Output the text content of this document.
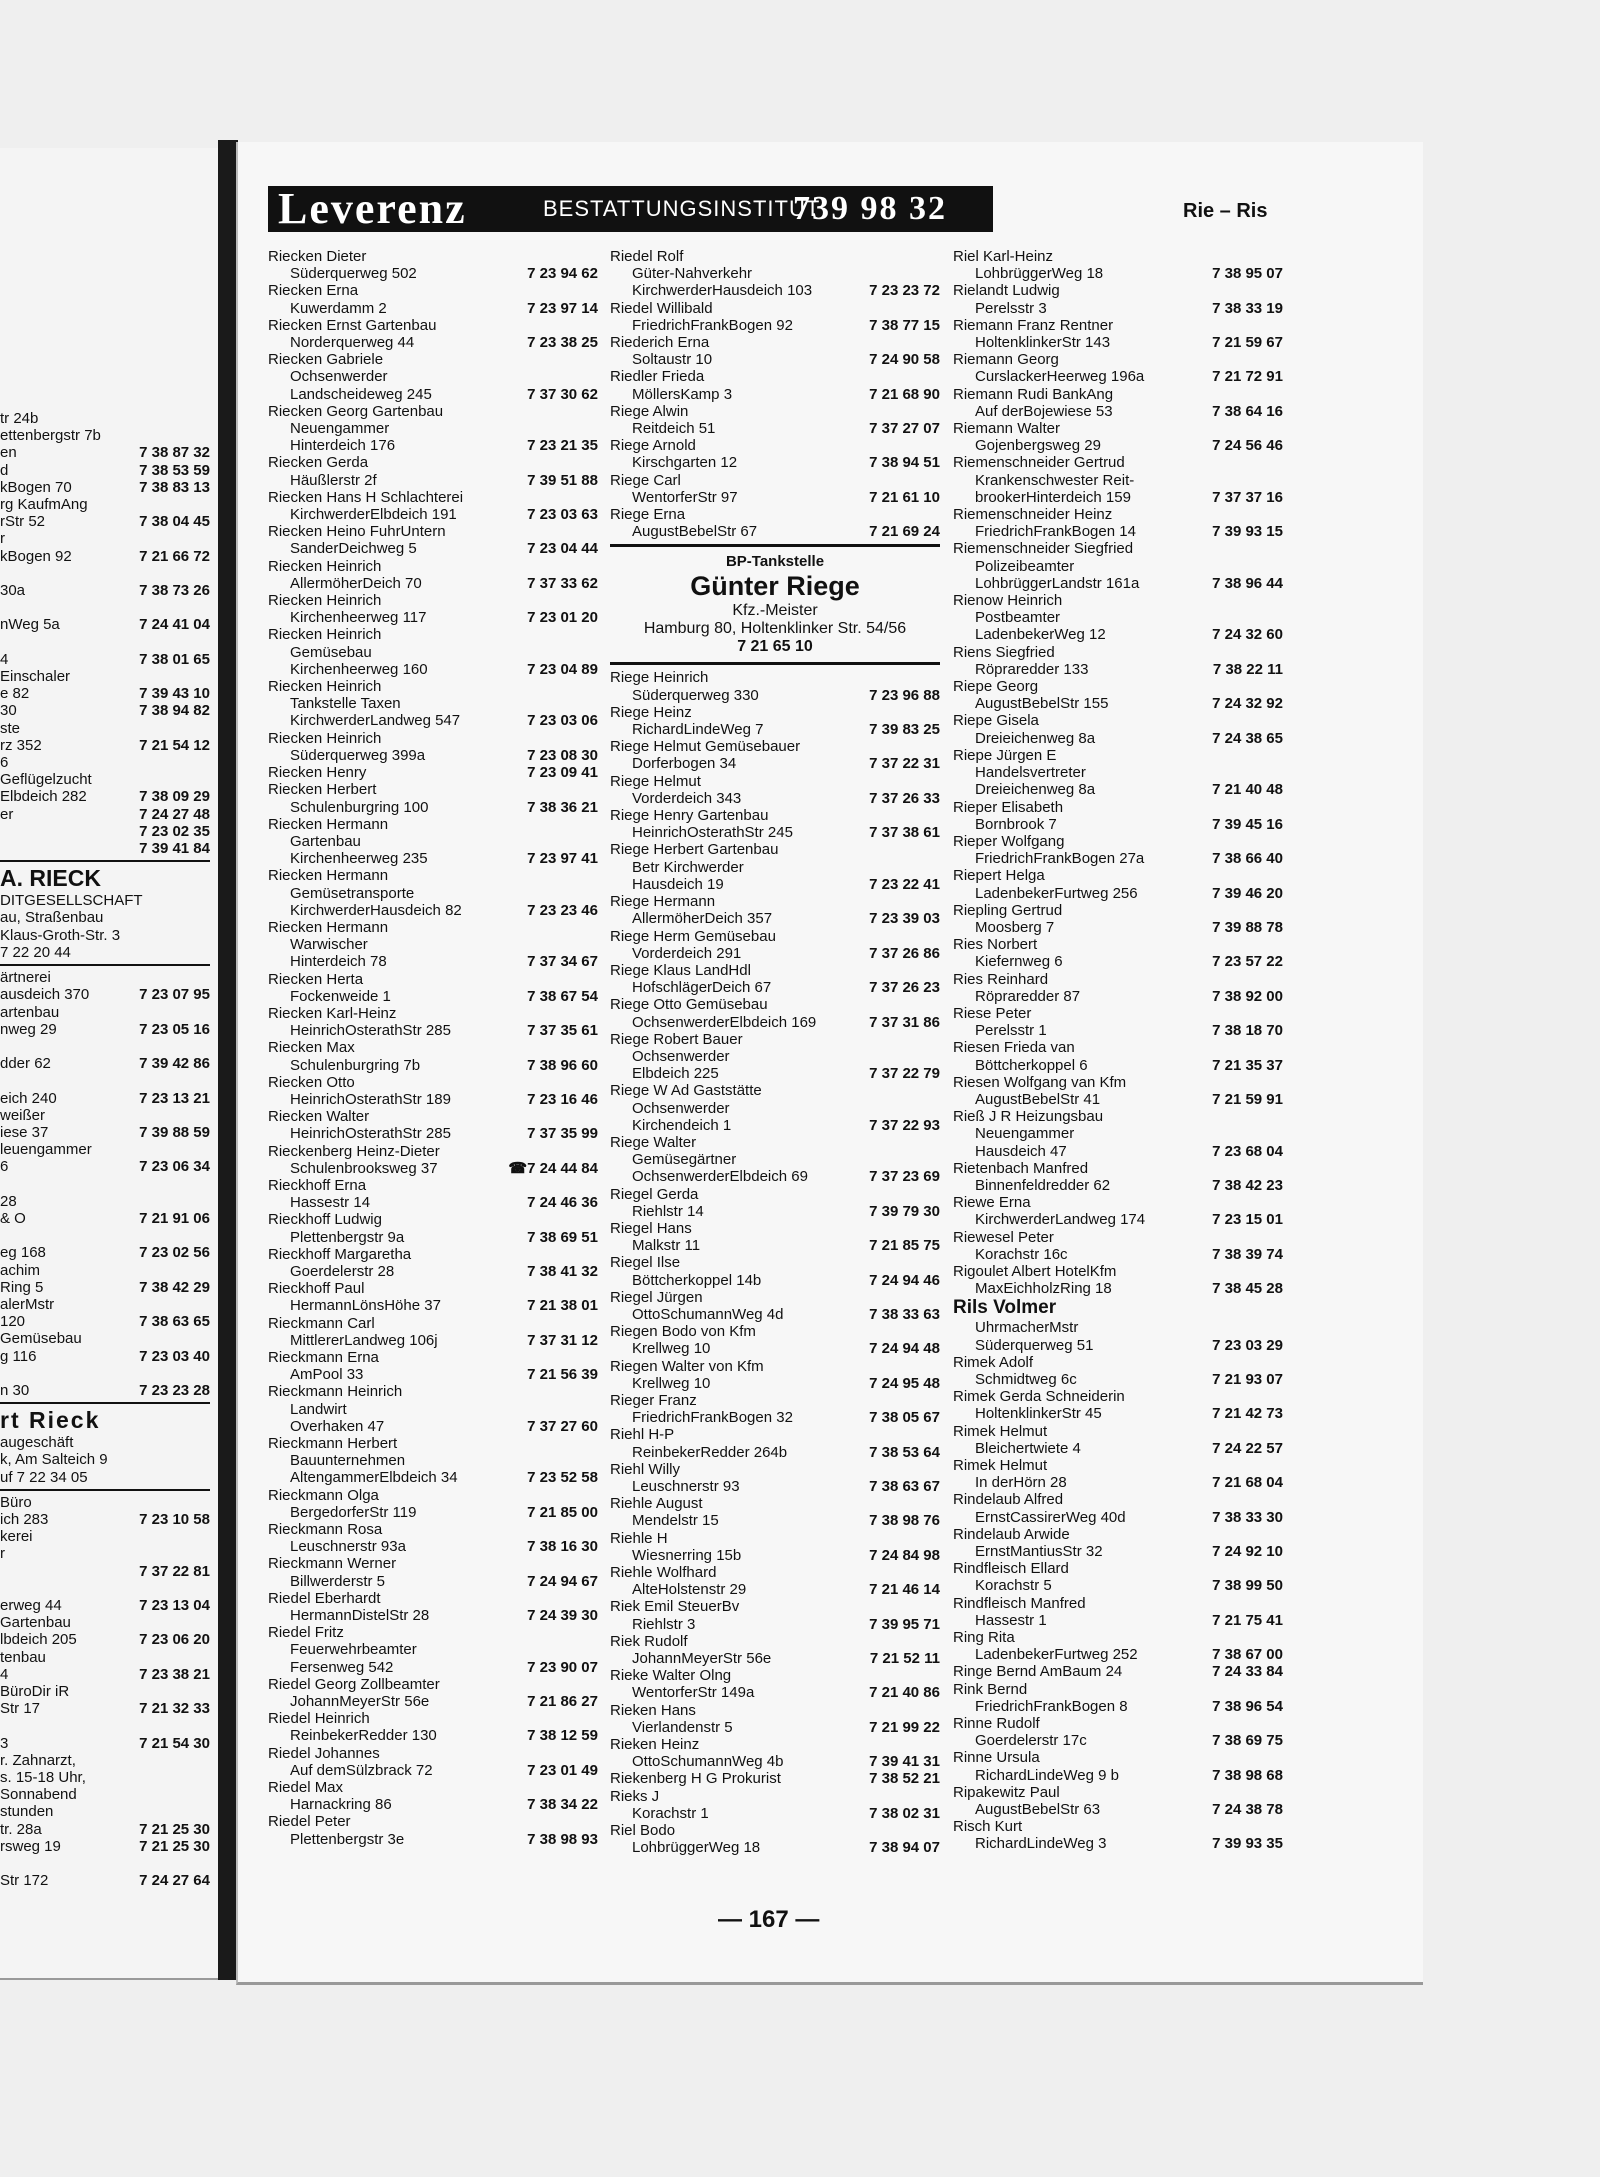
tr 24b
ettenbergstr 7b
en	7 38 87 32
d	7 38 53 59
kBogen 70	7 38 83 13
rg KaufmAng
rStr 52	7 38 04 45
r
kBogen 92	7 21 66 72

30a	7 38 73 26

nWeg 5a	7 24 41 04

4	7 38 01 65
Einschaler
e 82	7 39 43 10
30	7 38 94 82
ste
rz 352	7 21 54 12
6
Geflügelzucht
Elbdeich 282	7 38 09 29
er	7 24 27 48

7 23 02 35

7 39 41 84
A. RIECK
DITGESELLSCHAFT
au, Straßenbau
Klaus-Groth-Str. 3
7 22 20 44
ärtnerei
ausdeich 370	7 23 07 95
artenbau
nweg 29	7 23 05 16

dder 62	7 39 42 86

eich 240	7 23 13 21
weißer
iese 37	7 39 88 59
leuengammer
6	7 23 06 34

28
& O	7 21 91 06

eg 168	7 23 02 56
achim
Ring 5	7 38 42 29
alerMstr
120	7 38 63 65
Gemüsebau
g 116	7 23 03 40

n 30	7 23 23 28
rt Rieck
augeschäft
k, Am Salteich 9
uf 7 22 34 05
Büro
ich 283	7 23 10 58
kerei
r

7 37 22 81

erweg 44	7 23 13 04
Gartenbau
lbdeich 205	7 23 06 20
tenbau
4	7 23 38 21
BüroDir iR
Str 17	7 21 32 33

3	7 21 54 30
r. Zahnarzt,
s. 15-18 Uhr,
Sonnabend
stunden
tr. 28a	7 21 25 30
rsweg 19	7 21 25 30

Str 172	7 24 27 64
Leverenz	BESTATTUNGSINSTITUT
739 98 32	Rie – Ris
Riecken Dieter
Süderquerweg 502	7 23 94 62
Riecken Erna
Kuwerdamm 2	7 23 97 14
Riecken Ernst Gartenbau
Norderquerweg 44	7 23 38 25
Riecken Gabriele
Ochsenwerder
Landscheideweg 245	7 37 30 62
Riecken Georg Gartenbau
Neuengammer
Hinterdeich 176	7 23 21 35
Riecken Gerda
Häußlerstr 2f	7 39 51 88
Riecken Hans H Schlachterei
KirchwerderElbdeich 191	7 23 03 63
Riecken Heino FuhrUntern
SanderDeichweg 5	7 23 04 44
Riecken Heinrich
AllermöherDeich 70	7 37 33 62
Riecken Heinrich
Kirchenheerweg 117	7 23 01 20
Riecken Heinrich
Gemüsebau
Kirchenheerweg 160	7 23 04 89
Riecken Heinrich
Tankstelle Taxen
KirchwerderLandweg 547	7 23 03 06
Riecken Heinrich
Süderquerweg 399a	7 23 08 30
Riecken Henry	7 23 09 41
Riecken Herbert
Schulenburgring 100	7 38 36 21
Riecken Hermann
Gartenbau
Kirchenheerweg 235	7 23 97 41
Riecken Hermann
Gemüsetransporte
KirchwerderHausdeich 82	7 23 23 46
Riecken Hermann
Warwischer
Hinterdeich 78	7 37 34 67
Riecken Herta
Fockenweide 1	7 38 67 54
Riecken Karl-Heinz
HeinrichOsterathStr 285	7 37 35 61
Riecken Max
Schulenburgring 7b	7 38 96 60
Riecken Otto
HeinrichOsterathStr 189	7 23 16 46
Riecken Walter
HeinrichOsterathStr 285	7 37 35 99
Rieckenberg Heinz-Dieter
Schulenbrooksweg 37	☎7 24 44 84
Rieckhoff Erna
Hassestr 14	7 24 46 36
Rieckhoff Ludwig
Plettenbergstr 9a	7 38 69 51
Rieckhoff Margaretha
Goerdelerstr 28	7 38 41 32
Rieckhoff Paul
HermannLönsHöhe 37	7 21 38 01
Rieckmann Carl
MittlererLandweg 106j	7 37 31 12
Rieckmann Erna
AmPool 33	7 21 56 39
Rieckmann Heinrich
Landwirt
Overhaken 47	7 37 27 60
Rieckmann Herbert
Bauunternehmen
AltengammerElbdeich 34	7 23 52 58
Rieckmann Olga
BergedorferStr 119	7 21 85 00
Rieckmann Rosa
Leuschnerstr 93a	7 38 16 30
Rieckmann Werner
Billwerderstr 5	7 24 94 67
Riedel Eberhardt
HermannDistelStr 28	7 24 39 30
Riedel Fritz
Feuerwehrbeamter
Fersenweg 542	7 23 90 07
Riedel Georg Zollbeamter
JohannMeyerStr 56e	7 21 86 27
Riedel Heinrich
ReinbekerRedder 130	7 38 12 59
Riedel Johannes
Auf demSülzbrack 72	7 23 01 49
Riedel Max
Harnackring 86	7 38 34 22
Riedel Peter
Plettenbergstr 3e	7 38 98 93
Riedel Rolf
Güter-Nahverkehr
KirchwerderHausdeich 103	7 23 23 72
Riedel Willibald
FriedrichFrankBogen 92	7 38 77 15
Riederich Erna
Soltaustr 10	7 24 90 58
Riedler Frieda
MöllersKamp 3	7 21 68 90
Riege Alwin
Reitdeich 51	7 37 27 07
Riege Arnold
Kirschgarten 12	7 38 94 51
Riege Carl
WentorferStr 97	7 21 61 10
Riege Erna
AugustBebelStr 67	7 21 69 24
BP-Tankstelle
Günter Riege
Kfz.-Meister
Hamburg 80, Holtenklinker Str. 54/56
7 21 65 10
Riege Heinrich
Süderquerweg 330	7 23 96 88
Riege Heinz
RichardLindeWeg 7	7 39 83 25
Riege Helmut Gemüsebauer
Dorferbogen 34	7 37 22 31
Riege Helmut
Vorderdeich 343	7 37 26 33
Riege Henry Gartenbau
HeinrichOsterathStr 245	7 37 38 61
Riege Herbert Gartenbau
Betr Kirchwerder
Hausdeich 19	7 23 22 41
Riege Hermann
AllermöherDeich 357	7 23 39 03
Riege Herm Gemüsebau
Vorderdeich 291	7 37 26 86
Riege Klaus LandHdl
HofschlägerDeich 67	7 37 26 23
Riege Otto Gemüsebau
OchsenwerderElbdeich 169	7 37 31 86
Riege Robert Bauer
Ochsenwerder
Elbdeich 225	7 37 22 79
Riege W Ad Gaststätte
Ochsenwerder
Kirchendeich 1	7 37 22 93
Riege Walter
Gemüsegärtner
OchsenwerderElbdeich 69	7 37 23 69
Riegel Gerda
Riehlstr 14	7 39 79 30
Riegel Hans
Malkstr 11	7 21 85 75
Riegel Ilse
Böttcherkoppel 14b	7 24 94 46
Riegel Jürgen
OttoSchumannWeg 4d	7 38 33 63
Riegen Bodo von Kfm
Krellweg 10	7 24 94 48
Riegen Walter von Kfm
Krellweg 10	7 24 95 48
Rieger Franz
FriedrichFrankBogen 32	7 38 05 67
Riehl H-P
ReinbekerRedder 264b	7 38 53 64
Riehl Willy
Leuschnerstr 93	7 38 63 67
Riehle August
Mendelstr 15	7 38 98 76
Riehle H
Wiesnerring 15b	7 24 84 98
Riehle Wolfhard
AlteHolstenstr 29	7 21 46 14
Riek Emil SteuerBv
Riehlstr 3	7 39 95 71
Riek Rudolf
JohannMeyerStr 56e	7 21 52 11
Rieke Walter Olng
WentorferStr 149a	7 21 40 86
Rieken Hans
Vierlandenstr 5	7 21 99 22
Rieken Heinz
OttoSchumannWeg 4b	7 39 41 31
Riekenberg H G Prokurist	7 38 52 21
Rieks J
Korachstr 1	7 38 02 31
Riel Bodo
LohbrüggerWeg 18	7 38 94 07
Riel Karl-Heinz
LohbrüggerWeg 18	7 38 95 07
Rielandt Ludwig
Perelsstr 3	7 38 33 19
Riemann Franz Rentner
HoltenklinkerStr 143	7 21 59 67
Riemann Georg
CurslackerHeerweg 196a	7 21 72 91
Riemann Rudi BankAng
Auf derBojewiese 53	7 38 64 16
Riemann Walter
Gojenbergsweg 29	7 24 56 46
Riemenschneider Gertrud
Krankenschwester Reit-
brookerHinterdeich 159	7 37 37 16
Riemenschneider Heinz
FriedrichFrankBogen 14	7 39 93 15
Riemenschneider Siegfried
Polizeibeamter
LohbrüggerLandstr 161a	7 38 96 44
Rienow Heinrich
Postbeamter
LadenbekerWeg 12	7 24 32 60
Riens Siegfried
Röpraredder 133	7 38 22 11
Riepe Georg
AugustBebelStr 155	7 24 32 92
Riepe Gisela
Dreieichenweg 8a	7 24 38 65
Riepe Jürgen E
Handelsvertreter
Dreieichenweg 8a	7 21 40 48
Rieper Elisabeth
Bornbrook 7	7 39 45 16
Rieper Wolfgang
FriedrichFrankBogen 27a	7 38 66 40
Riepert Helga
LadenbekerFurtweg 256	7 39 46 20
Riepling Gertrud
Moosberg 7	7 39 88 78
Ries Norbert
Kiefernweg 6	7 23 57 22
Ries Reinhard
Röpraredder 87	7 38 92 00
Riese Peter
Perelsstr 1	7 38 18 70
Riesen Frieda van
Böttcherkoppel 6	7 21 35 37
Riesen Wolfgang van Kfm
AugustBebelStr 41	7 21 59 91
Rieß J R Heizungsbau
Neuengammer
Hausdeich 47	7 23 68 04
Rietenbach Manfred
Binnenfeldredder 62	7 38 42 23
Riewe Erna
KirchwerderLandweg 174	7 23 15 01
Riewesel Peter
Korachstr 16c	7 38 39 74
Rigoulet Albert HotelKfm
MaxEichholzRing 18	7 38 45 28
Rils Volmer
UhrmacherMstr
Süderquerweg 51	7 23 03 29
Rimek Adolf
Schmidtweg 6c	7 21 93 07
Rimek Gerda Schneiderin
HoltenklinkerStr 45	7 21 42 73
Rimek Helmut
Bleichertwiete 4	7 24 22 57
Rimek Helmut
In derHörn 28	7 21 68 04
Rindelaub Alfred
ErnstCassirerWeg 40d	7 38 33 30
Rindelaub Arwide
ErnstMantiusStr 32	7 24 92 10
Rindfleisch Ellard
Korachstr 5	7 38 99 50
Rindfleisch Manfred
Hassestr 1	7 21 75 41
Ring Rita
LadenbekerFurtweg 252	7 38 67 00
Ringe Bernd AmBaum 24	7 24 33 84
Rink Bernd
FriedrichFrankBogen 8	7 38 96 54
Rinne Rudolf
Goerdelerstr 17c	7 38 69 75
Rinne Ursula
RichardLindeWeg 9 b	7 38 98 68
Ripakewitz Paul
AugustBebelStr 63	7 24 38 78
Risch Kurt
RichardLindeWeg 3	7 39 93 35
— 167 —
